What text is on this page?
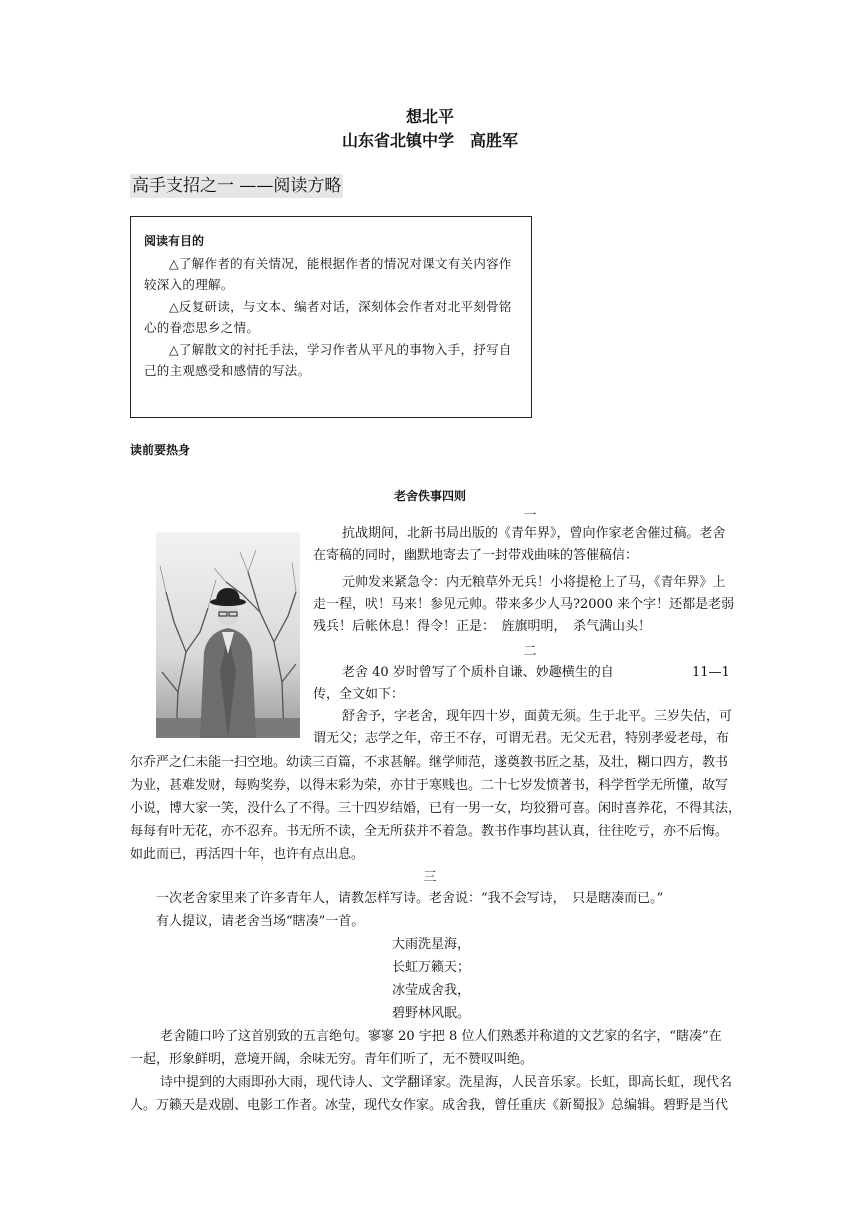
想北平
山东省北镇中学　高胜军
高手支招之一 ——阅读方略
阅读有目的
△了解作者的有关情况，能根据作者的情况对课文有关内容作较深入的理解。
△反复研读，与文本、编者对话，深刻体会作者对北平刻骨铭心的眷恋思乡之情。
△了解散文的衬托手法，学习作者从平凡的事物入手，抒写自己的主观感受和感情的写法。
读前要热身
老舍佚事四则
一
抗战期间，北新书局出版的《青年界》，曾向作家老舍催过稿。老舍
在寄稿的同时，幽默地寄去了一封带戏曲味的答催稿信：
元帅发来紧急令：内无粮草外无兵！小将提枪上了马，《青年界》上
走一程，吠！马来！参见元帅。带来多少人马?2000 来个字！还都是老弱
残兵！后帐休息！得令！正是：　旌旗明明，　杀气满山头！
二
老舍 40 岁时曾写了个质朴自谦、妙趣横生的自	11—1
传，全文如下：
舒舍予，字老舍，现年四十岁，面黄无须。生于北平。三岁失估，可
谓无父；志学之年，帝王不存，可谓无君。无父无君，特别孝爱老母，布
尔乔严之仁未能一扫空地。幼读三百篇，不求甚解。继学师范，遂奠教书匠之基，及壮，糊口四方，教书
为业，甚难发财，每购奖券，以得末彩为荣，亦甘于寒贱也。二十七岁发愤著书，科学哲学无所懂，故写
小说，博大家一笑，没什么了不得。三十四岁结婚，已有一男一女，均狡猾可喜。闲时喜养花，不得其法，
每每有叶无花，亦不忍弃。书无所不读，全无所获并不着急。教书作事均甚认真，往往吃亏，亦不后悔。
如此而已，再活四十年，也许有点出息。
三
一次老舍家里来了许多青年人，请教怎样写诗。老舍说：“我不会写诗，　只是瞎凑而已。”
有人提议，请老舍当场“瞎凑”一首。
大雨洗星海，
长虹万籁天；
冰莹成舍我，
碧野林风眠。
老舍随口吟了这首别致的五言绝句。寥寥 20 宇把 8 位人们熟悉并称道的文艺家的名字，“瞎凑”在
一起，形象鲜明，意境开阔，余味无穷。青年们听了，无不赞叹叫绝。
诗中提到的大雨即孙大雨，现代诗人、文学翻译家。洗星海，人民音乐家。长虹，即高长虹，现代名
人。万籁天是戏剧、电影工作者。冰莹，现代女作家。成舍我，曾任重庆《新蜀报》总编辑。碧野是当代
